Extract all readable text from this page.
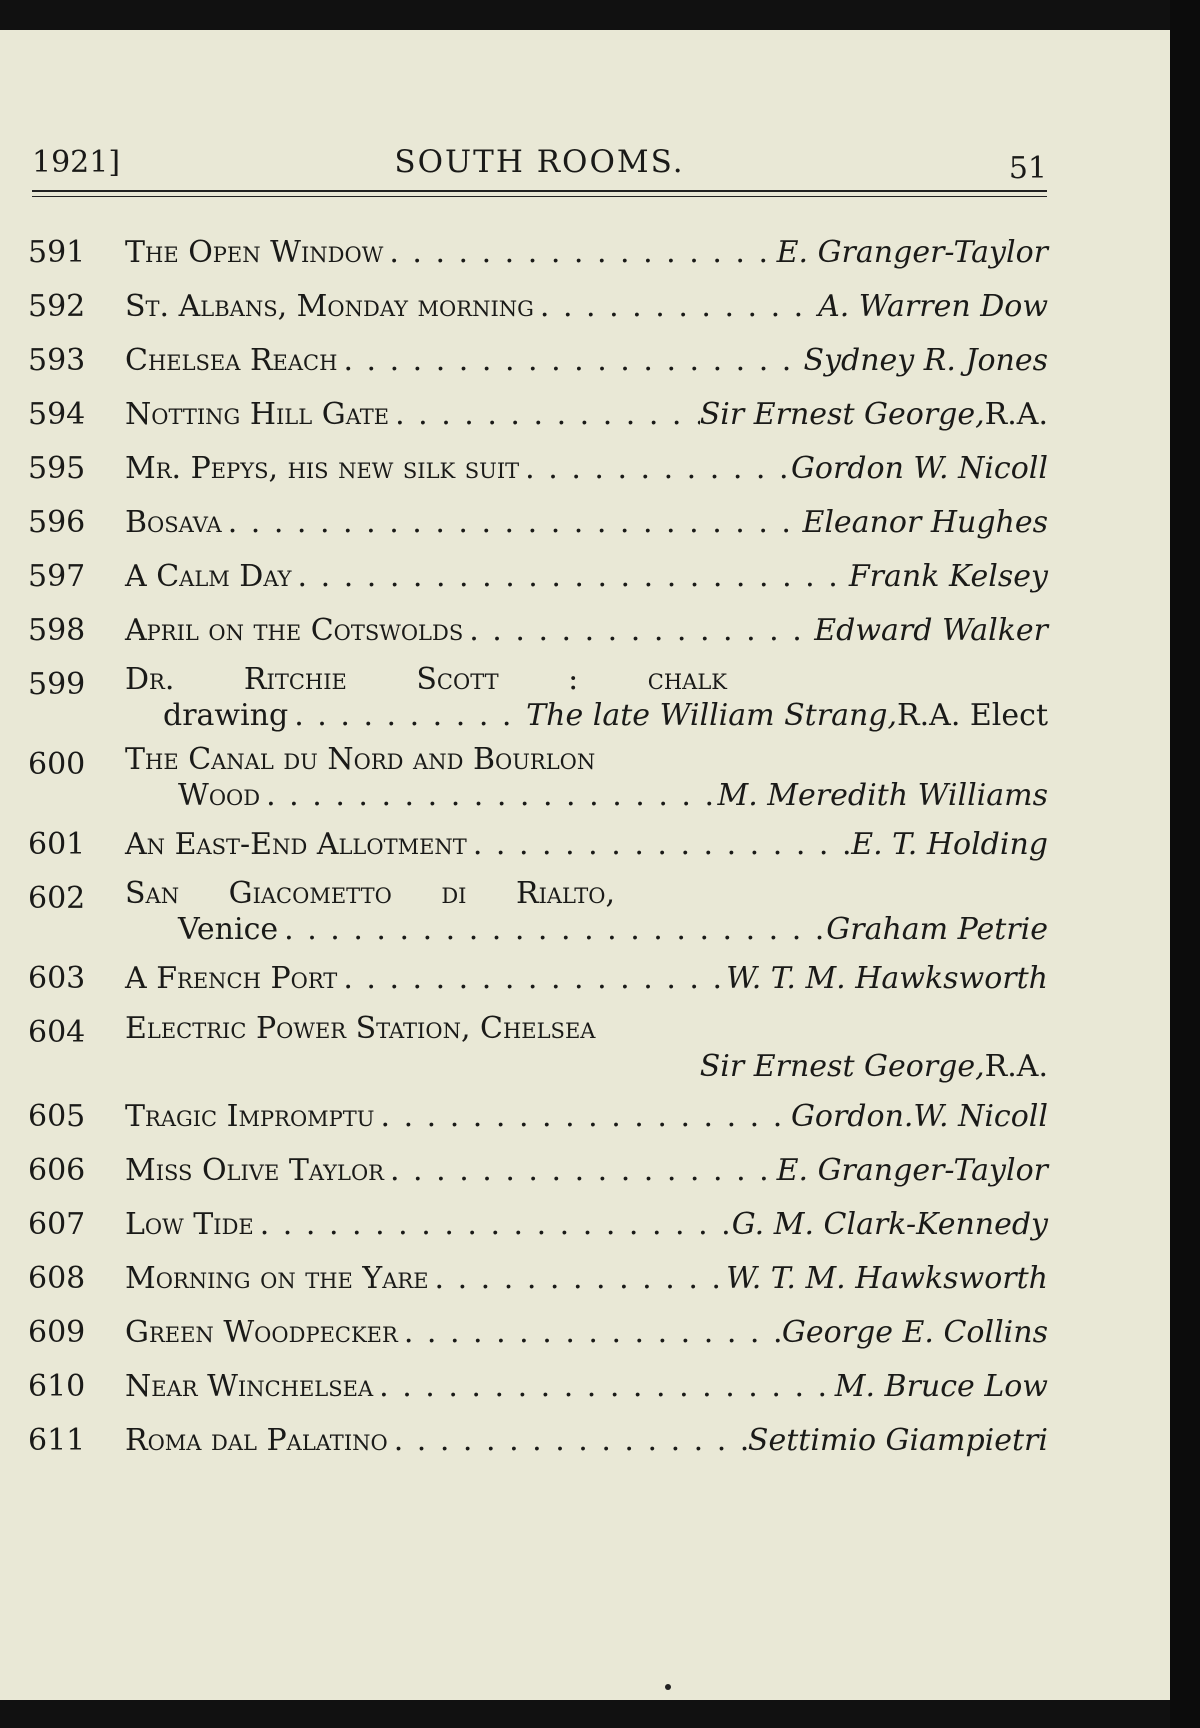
1921]	SOUTH ROOMS.	51
591	The Open Window . . .	E. Granger-Taylor
592	St. Albans, Monday morning . . .	A. Warren Dow
593	Chelsea Reach . . .	Sydney R. Jones
594	Notting Hill Gate . . .	Sir Ernest George, R.A.
595	Mr. Pepys, his new silk suit . . .	Gordon W. Nicoll
596	Bosava . . .	Eleanor Hughes
597	A Calm Day . . .	Frank Kelsey
598	April on the Cotswolds . . .	Edward Walker
599	Dr. Ritchie Scott : chalk
drawing . . .	The late William Strang, R.A. Elect
600	The Canal du Nord and Bourlon
Wood . . .	M. Meredith Williams
601	An East-End Allotment . . .	E. T. Holding
602	San Giacometto di Rialto,
Venice . . .	Graham Petrie
603	A French Port . . .	W. T. M. Hawksworth
604	Electric Power Station, Chelsea
Sir Ernest George, R.A.
605	Tragic Impromptu . . .	Gordon.W. Nicoll
606	Miss Olive Taylor . . .	E. Granger-Taylor
607	Low Tide . . .	G. M. Clark-Kennedy
608	Morning on the Yare . . .	W. T. M. Hawksworth
609	Green Woodpecker . . .	George E. Collins
610	Near Winchelsea . . .	M. Bruce Low
611	Roma dal Palatino . . .	Settimio Giampietri
